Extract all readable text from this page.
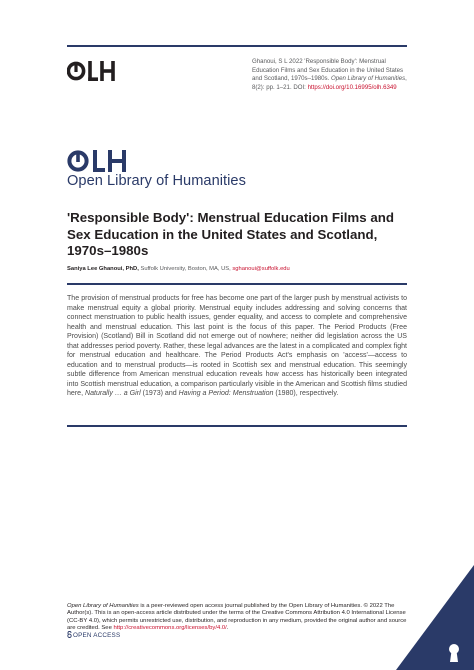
Ghanoui, S L 2022 'Responsible Body': Menstrual Education Films and Sex Education in the United States and Scotland, 1970s–1980s. Open Library of Humanities, 8(2): pp. 1–21. DOI: https://doi.org/10.16995/olh.6349
Open Library of Humanities
'Responsible Body': Menstrual Education Films and Sex Education in the United States and Scotland, 1970s–1980s
Saniya Lee Ghanoui, PhD, Suffolk University, Boston, MA, US, sghanoui@suffolk.edu

The provision of menstrual products for free has become one part of the larger push by menstrual activists to make menstrual equity a global priority. Menstrual equity includes addressing and solving concerns that connect menstruation to public health issues, gender equality, and access to complete and comprehensive health and menstrual education. This last point is the focus of this paper. The Period Products (Free Provision) (Scotland) Bill in Scotland did not emerge out of nowhere; neither did legislation across the US that addresses period poverty. Rather, these legal advances are the latest in a complicated and complex fight for menstrual education and healthcare. The Period Products Act's emphasis on 'access'—access to education and to menstrual products—is rooted in Scottish sex and menstrual education. This seemingly subtle difference from American menstrual education reveals how access has historically been integrated into Scottish menstrual education, a comparison particularly visible in the American and Scottish films studied here, Naturally … a Girl (1973) and Having a Period: Menstruation (1980), respectively.

Open Library of Humanities is a peer-reviewed open access journal published by the Open Library of Humanities. © 2022 The Author(s). This is an open-access article distributed under the terms of the Creative Commons Attribution 4.0 International License (CC-BY 4.0), which permits unrestricted use, distribution, and reproduction in any medium, provided the original author and source are credited. See http://creativecommons.org/licenses/by/4.0/.

OPEN ACCESS
